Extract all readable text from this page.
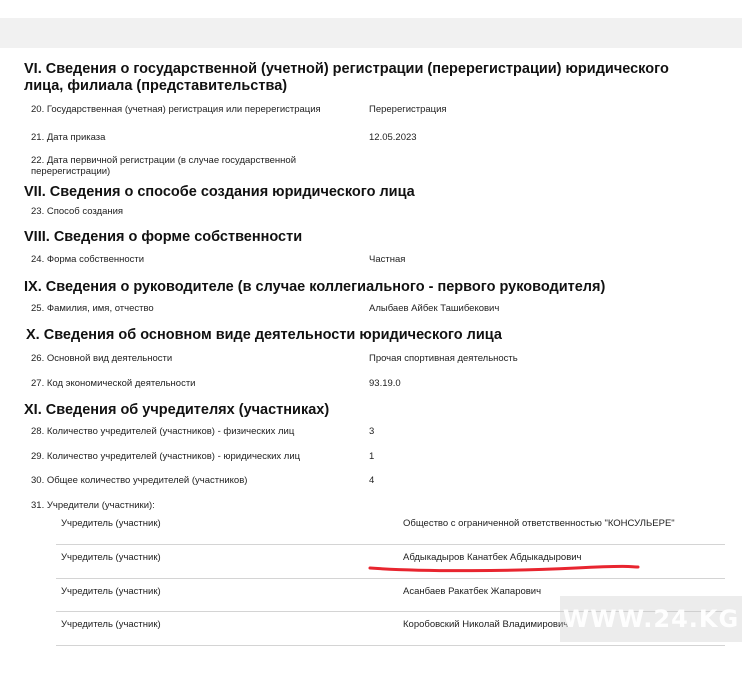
VI. Сведения о государственной (учетной) регистрации (перерегистрации) юридического лица, филиала (представительства)
20. Государственная (учетная) регистрация или перерегистрация	Перерегистрация
21. Дата приказа	12.05.2023
22. Дата первичной регистрации (в случае государственной перерегистрации)
VII. Сведения о способе создания юридического лица
23. Способ создания
VIII. Сведения о форме собственности
24. Форма собственности	Частная
IX. Сведения о руководителе (в случае коллегиального - первого руководителя)
25. Фамилия, имя, отчество	Алыбаев Айбек Ташибекович
X. Сведения об основном виде деятельности юридического лица
26. Основной вид деятельности	Прочая спортивная деятельность
27. Код экономической деятельности	93.19.0
XI. Сведения об учредителях (участниках)
28. Количество учредителей (участников) - физических лиц	3
29. Количество учредителей (участников) - юридических лиц	1
30. Общее количество учредителей (участников)	4
31. Учредители (участники):
Учредитель (участник)	Общество с ограниченной ответственностью "КОНСУЛЬЕРЕ"
Учредитель (участник)	Абдыкадыров Канатбек Абдыкадырович
Учредитель (участник)	Асанбаев Ракатбек Жапарович
Учредитель (участник)	Коробовский Николай Владимирович
WWW.24.KG
